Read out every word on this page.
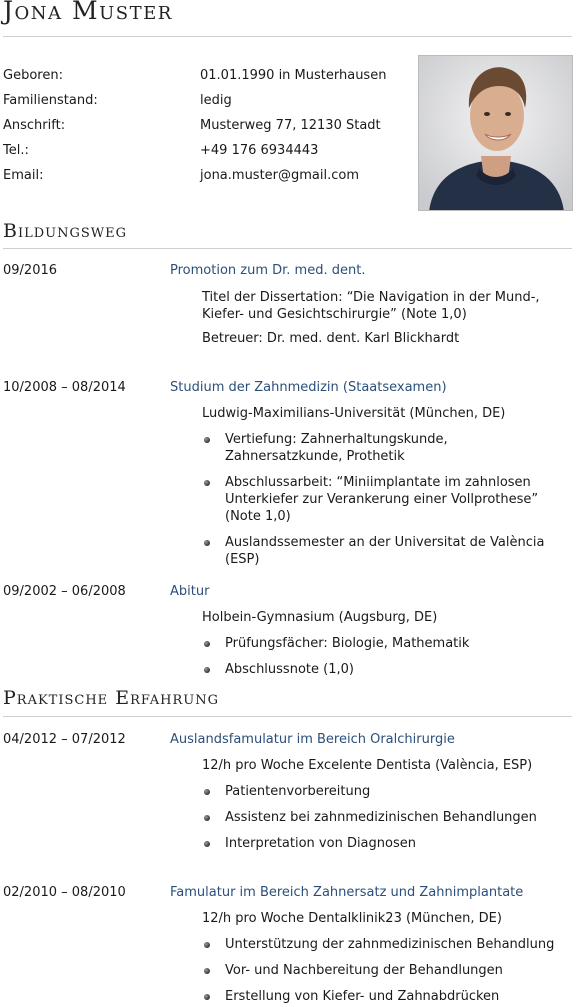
Jona Muster
Geboren:	01.01.1990 in Musterhausen
Familienstand:	ledig
Anschrift:	Musterweg 77, 12130 Stadt
Tel.:	+49 176 6934443
Email:	jona.muster@gmail.com
Bildungsweg
09/2016	Promotion zum Dr. med. dent.
Titel der Dissertation: “Die Navigation in der Mund-, Kiefer- und Gesichtschirurgie” (Note 1,0)
Betreuer: Dr. med. dent. Karl Blickhardt
10/2008 – 08/2014	Studium der Zahnmedizin (Staatsexamen)
Ludwig-Maximilians-Universität (München, DE)
Vertiefung: Zahnerhaltungskunde, Zahnersatzkunde, Prothetik
Abschlussarbeit: “Miniimplantate im zahnlosen Unterkiefer zur Verankerung einer Vollprothese” (Note 1,0)
Auslandssemester an der Universitat de València (ESP)
09/2002 – 06/2008	Abitur
Holbein-Gymnasium (Augsburg, DE)
Prüfungsfächer: Biologie, Mathematik
Abschlussnote (1,0)
Praktische Erfahrung
04/2012 – 07/2012	Auslandsfamulatur im Bereich Oralchirurgie
12/h pro Woche Excelente Dentista (València, ESP)
Patientenvorbereitung
Assistenz bei zahnmedizinischen Behandlungen
Interpretation von Diagnosen
02/2010 – 08/2010	Famulatur im Bereich Zahnersatz und Zahnimplantate
12/h pro Woche Dentalklinik23 (München, DE)
Unterstützung der zahnmedizinischen Behandlung
Vor- und Nachbereitung der Behandlungen
Erstellung von Kiefer- und Zahnabdrücken
